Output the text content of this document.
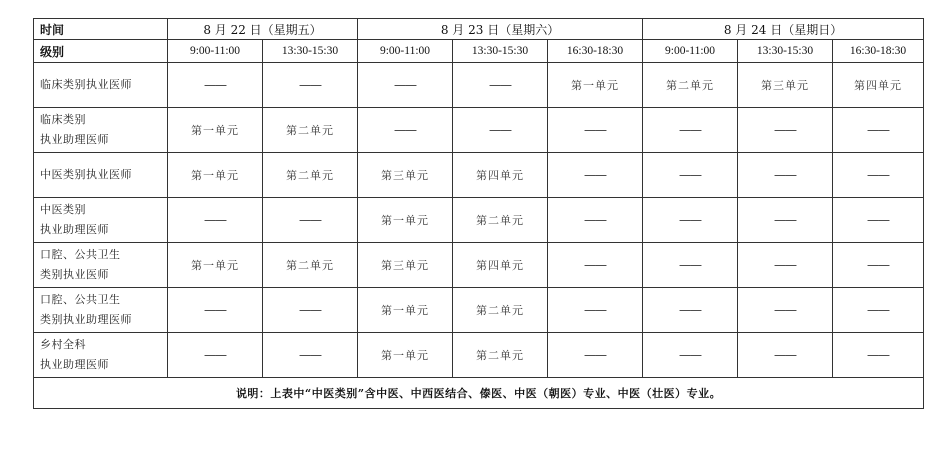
时间	8 月 22 日（星期五）		8 月 23 日（星期六）			8 月 24 日（星期日）		
级别	9:00-11:00	13:30-15:30	9:00-11:00	13:30-15:30	16:30-18:30	9:00-11:00	13:30-15:30	16:30-18:30

临床类别执业医师	——	——	——	——	第一单元	第二单元	第三单元	第四单元

临床类别
执业助理医师	第一单元	第二单元	——	——	——	——	——	——

中医类别执业医师	第一单元	第二单元	第三单元	第四单元	——	——	——	——

中医类别
执业助理医师	——	——	第一单元	第二单元	——	——	——	——

口腔、公共卫生
类别执业医师	第一单元	第二单元	第三单元	第四单元	——	——	——	——

口腔、公共卫生
类别执业助理医师	——	——	第一单元	第二单元	——	——	——	——

乡村全科
执业助理医师	——	——	第一单元	第二单元	——	——	——	——
说明：上表中“中医类别”含中医、中西医结合、傣医、中医（朝医）专业、中医（壮医）专业。								
